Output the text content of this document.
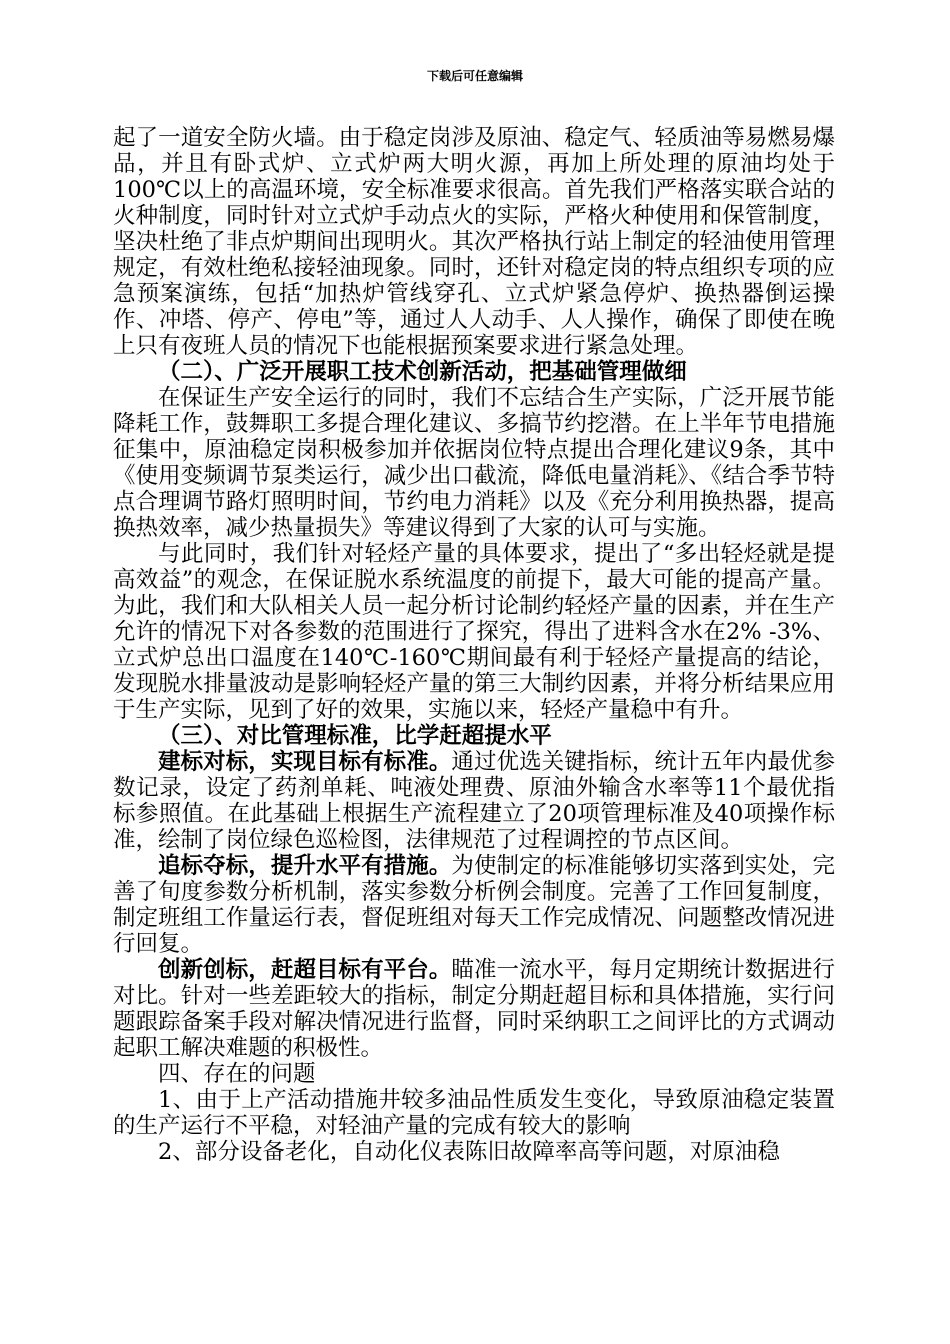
下载后可任意编辑

起了一道安全防火墙。由于稳定岗涉及原油、稳定气、轻质油等易燃易爆品，并且有卧式炉、立式炉两大明火源，再加上所处理的原油均处于100℃以上的高温环境，安全标准要求很高。首先我们严格落实联合站的火种制度，同时针对立式炉手动点火的实际，严格火种使用和保管制度，坚决杜绝了非点炉期间出现明火。其次严格执行站上制定的轻油使用管理规定，有效杜绝私接轻油现象。同时，还针对稳定岗的特点组织专项的应急预案演练，包括“加热炉管线穿孔、立式炉紧急停炉、换热器倒运操作、冲塔、停产、停电”等，通过人人动手、人人操作，确保了即使在晚上只有夜班人员的情况下也能根据预案要求进行紧急处理。

（二）、广泛开展职工技术创新活动，把基础管理做细

在保证生产安全运行的同时，我们不忘结合生产实际，广泛开展节能降耗工作，鼓舞职工多提合理化建议、多搞节约挖潜。在上半年节电措施征集中，原油稳定岗积极参加并依据岗位特点提出合理化建议9条，其中《使用变频调节泵类运行，减少出口截流，降低电量消耗》、《结合季节特点合理调节路灯照明时间，节约电力消耗》以及《充分利用换热器，提高换热效率，减少热量损失》等建议得到了大家的认可与实施。

与此同时，我们针对轻烃产量的具体要求，提出了“多出轻烃就是提高效益”的观念，在保证脱水系统温度的前提下，最大可能的提高产量。为此，我们和大队相关人员一起分析讨论制约轻烃产量的因素，并在生产允许的情况下对各参数的范围进行了探究，得出了进料含水在2% -3%、立式炉总出口温度在140℃-160℃期间最有利于轻烃产量提高的结论，发现脱水排量波动是影响轻烃产量的第三大制约因素，并将分析结果应用于生产实际，见到了好的效果，实施以来，轻烃产量稳中有升。

（三）、对比管理标准，比学赶超提水平

建标对标，实现目标有标准。通过优选关键指标，统计五年内最优参数记录，设定了药剂单耗、吨液处理费、原油外输含水率等11个最优指标参照值。在此基础上根据生产流程建立了20项管理标准及40项操作标准，绘制了岗位绿色巡检图，法律规范了过程调控的节点区间。

追标夺标，提升水平有措施。为使制定的标准能够切实落到实处，完善了旬度参数分析机制，落实参数分析例会制度。完善了工作回复制度，制定班组工作量运行表，督促班组对每天工作完成情况、问题整改情况进行回复。

创新创标，赶超目标有平台。瞄准一流水平，每月定期统计数据进行对比。针对一些差距较大的指标，制定分期赶超目标和具体措施，实行问题跟踪备案手段对解决情况进行监督，同时采纳职工之间评比的方式调动起职工解决难题的积极性。

四、存在的问题

1、由于上产活动措施井较多油品性质发生变化，导致原油稳定装置的生产运行不平稳，对轻油产量的完成有较大的影响

2、部分设备老化，自动化仪表陈旧故障率高等问题，对原油稳
